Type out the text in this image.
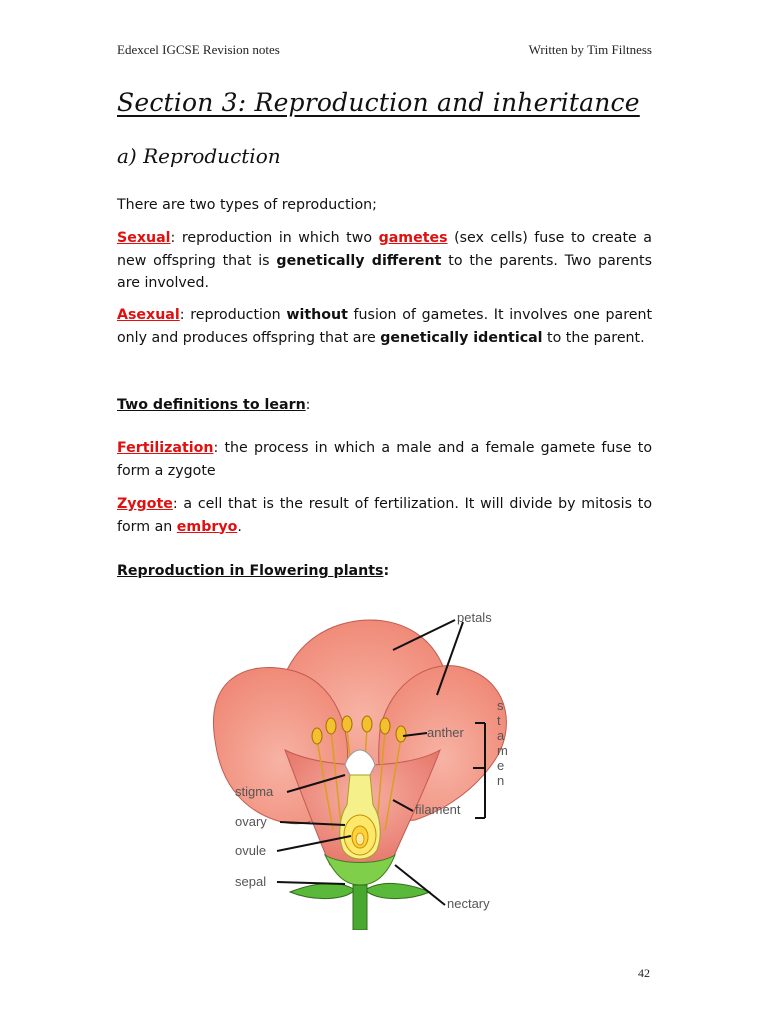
Edexcel IGCSE Revision notes	Written by Tim Filtness
Section 3: Reproduction and inheritance
a) Reproduction
There are two types of reproduction;
Sexual: reproduction in which two gametes (sex cells) fuse to create a new offspring that is genetically different to the parents. Two parents are involved.
Asexual: reproduction without fusion of gametes. It involves one parent only and produces offspring that are genetically identical to the parent.
Two definitions to learn:
Fertilization: the process in which a male and a female gamete fuse to form a zygote
Zygote: a cell that is the result of fertilization. It will divide by mitosis to form an embryo.
Reproduction in Flowering plants:
petals
anther
filament
stigma
ovary
ovule
sepal
nectary
s t a m e n
42
